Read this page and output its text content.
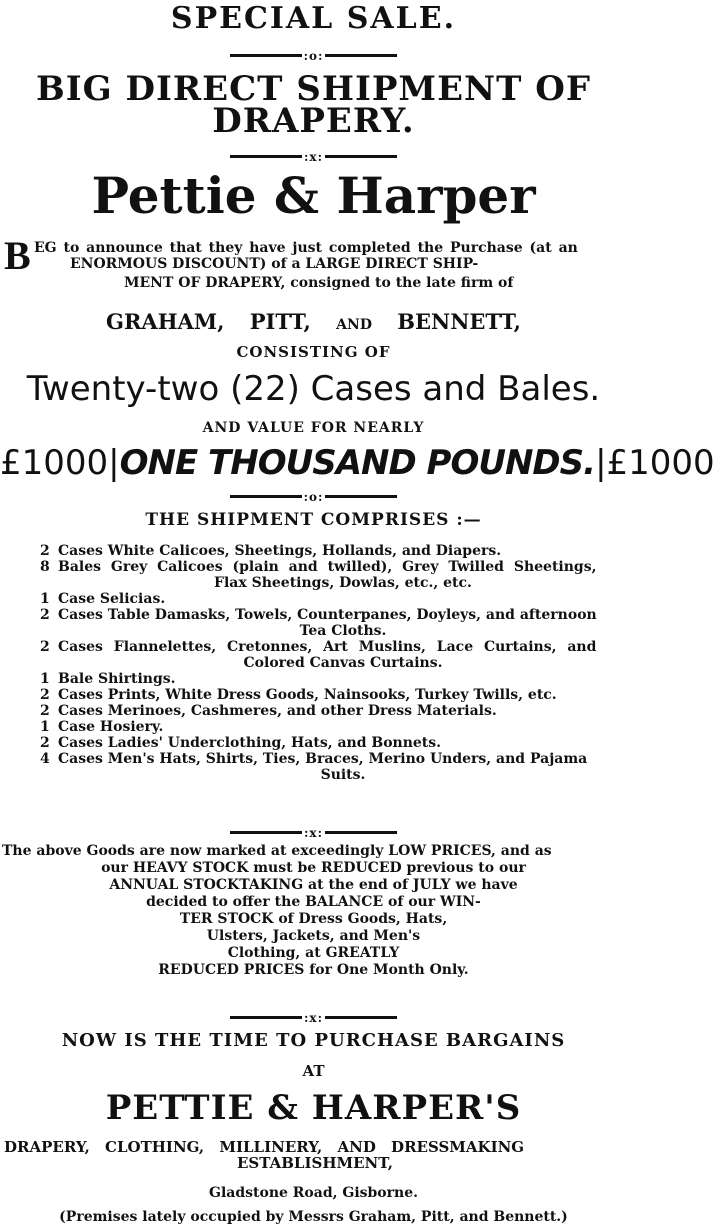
SPECIAL SALE.
:o:
BIG DIRECT SHIPMENT OF
DRAPERY.
:x:
Pettie & Harper
B EG to announce that they have just completed the Purchase (at an
ENORMOUS DISCOUNT) of a LARGE DIRECT SHIP-
MENT OF DRAPERY, consigned to the late firm of
GRAHAM, PITT, AND BENNETT,
CONSISTING OF
Twenty-two (22) Cases and Bales.
AND VALUE FOR NEARLY
£1000|ONE THOUSAND POUNDS.|£1000
:o:
THE SHIPMENT COMPRISES :—
2 Cases White Calicoes, Sheetings, Hollands, and Diapers.
8 Bales Grey Calicoes (plain and twilled), Grey Twilled Sheetings,
Flax Sheetings, Dowlas, etc., etc.
1 Case Selicias.
2 Cases Table Damasks, Towels, Counterpanes, Doyleys, and afternoon
Tea Cloths.
2 Cases Flannelettes, Cretonnes, Art Muslins, Lace Curtains, and
Colored Canvas Curtains.
1 Bale Shirtings.
2 Cases Prints, White Dress Goods, Nainsooks, Turkey Twills, etc.
2 Cases Merinoes, Cashmeres, and other Dress Materials.
1 Case Hosiery.
2 Cases Ladies' Underclothing, Hats, and Bonnets.
4 Cases Men's Hats, Shirts, Ties, Braces, Merino Unders, and Pajama
Suits.
:x:
The above Goods are now marked at exceedingly LOW PRICES, and as
our HEAVY STOCK must be REDUCED previous to our
ANNUAL STOCKTAKING at the end of JULY we have
decided to offer the BALANCE of our WIN-
TER STOCK of Dress Goods, Hats,
Ulsters, Jackets, and Men's
Clothing, at GREATLY
REDUCED PRICES for One Month Only.
:x:
NOW IS THE TIME TO PURCHASE BARGAINS
AT
PETTIE & HARPER'S
DRAPERY, CLOTHING, MILLINERY, AND DRESSMAKING
ESTABLISHMENT,
Gladstone Road, Gisborne.
(Premises lately occupied by Messrs Graham, Pitt, and Bennett.)
